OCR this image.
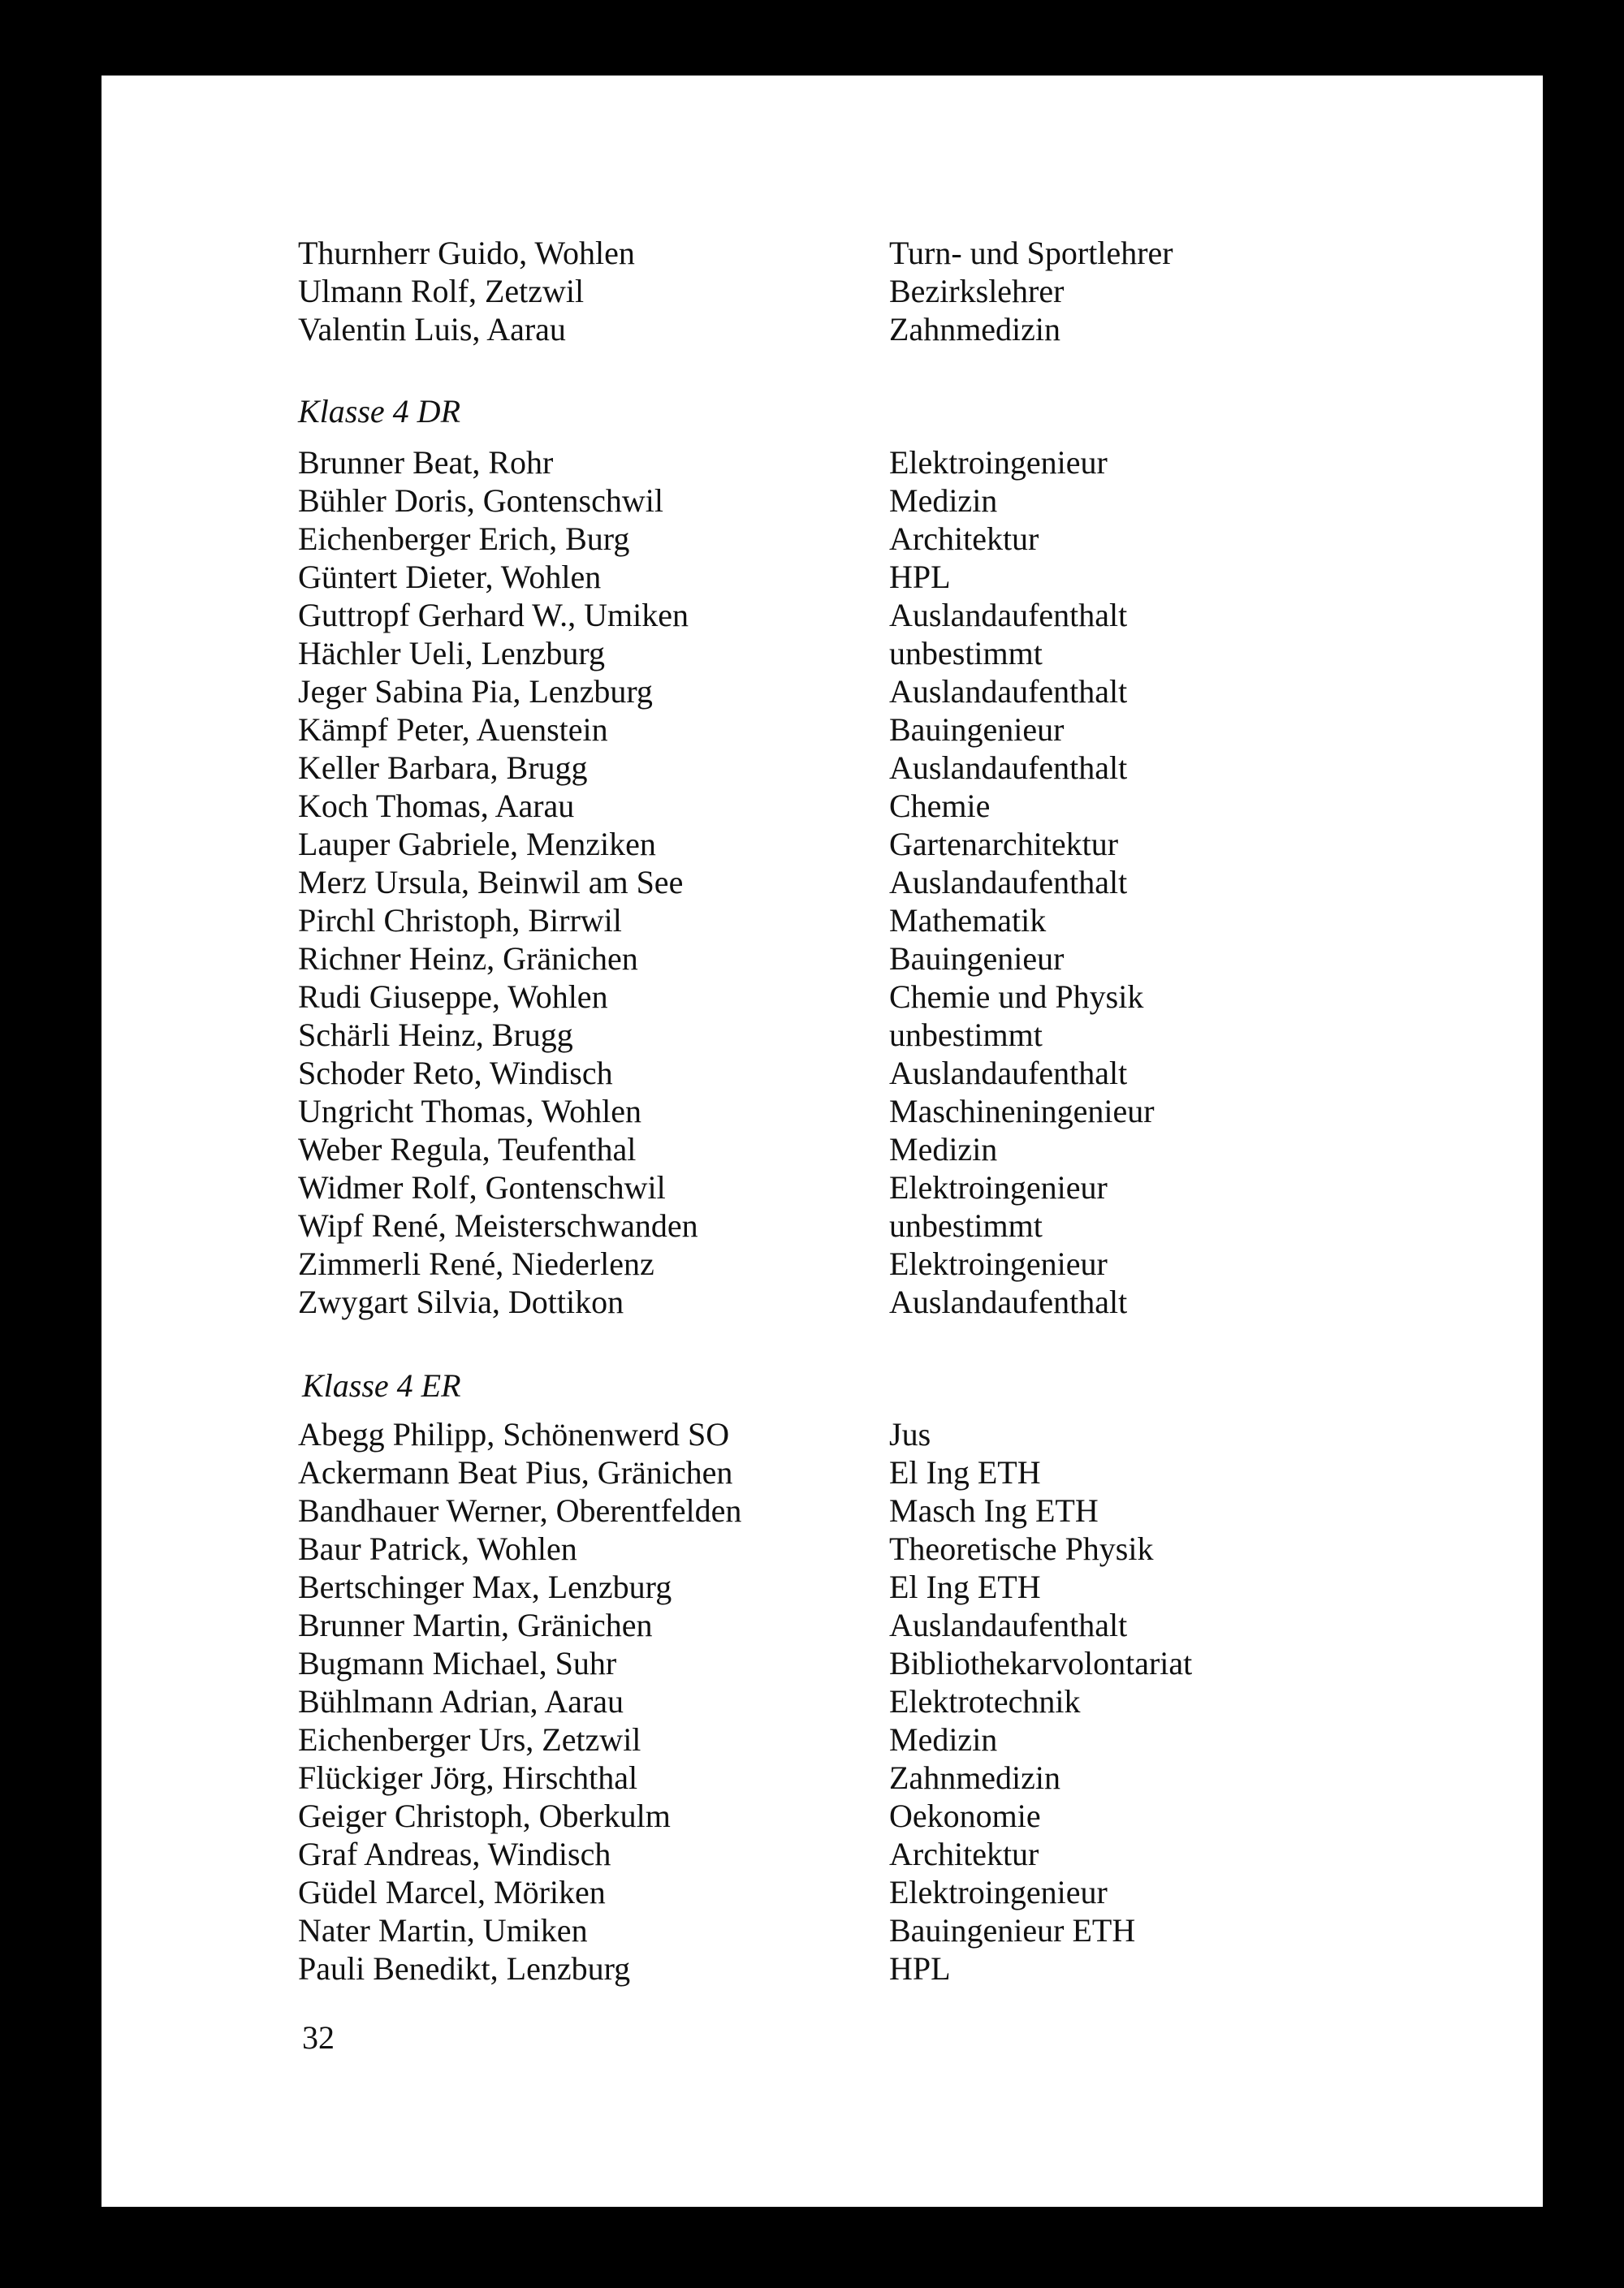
Thurnherr Guido, Wohlen	Turn- und Sportlehrer
Ulmann Rolf, Zetzwil	Bezirkslehrer
Valentin Luis, Aarau	Zahnmedizin
Klasse 4 DR
Brunner Beat, Rohr	Elektroingenieur
Bühler Doris, Gontenschwil	Medizin
Eichenberger Erich, Burg	Architektur
Güntert Dieter, Wohlen	HPL
Guttropf Gerhard W., Umiken	Auslandaufenthalt
Hächler Ueli, Lenzburg	unbestimmt
Jeger Sabina Pia, Lenzburg	Auslandaufenthalt
Kämpf Peter, Auenstein	Bauingenieur
Keller Barbara, Brugg	Auslandaufenthalt
Koch Thomas, Aarau	Chemie
Lauper Gabriele, Menziken	Gartenarchitektur
Merz Ursula, Beinwil am See	Auslandaufenthalt
Pirchl Christoph, Birrwil	Mathematik
Richner Heinz, Gränichen	Bauingenieur
Rudi Giuseppe, Wohlen	Chemie und Physik
Schärli Heinz, Brugg	unbestimmt
Schoder Reto, Windisch	Auslandaufenthalt
Ungricht Thomas, Wohlen	Maschineningenieur
Weber Regula, Teufenthal	Medizin
Widmer Rolf, Gontenschwil	Elektroingenieur
Wipf René, Meisterschwanden	unbestimmt
Zimmerli René, Niederlenz	Elektroingenieur
Zwygart Silvia, Dottikon	Auslandaufenthalt
Klasse 4 ER
Abegg Philipp, Schönenwerd SO	Jus
Ackermann Beat Pius, Gränichen	El Ing ETH
Bandhauer Werner, Oberentfelden	Masch Ing ETH
Baur Patrick, Wohlen	Theoretische Physik
Bertschinger Max, Lenzburg	El Ing ETH
Brunner Martin, Gränichen	Auslandaufenthalt
Bugmann Michael, Suhr	Bibliothekarvolontariat
Bühlmann Adrian, Aarau	Elektrotechnik
Eichenberger Urs, Zetzwil	Medizin
Flückiger Jörg, Hirschthal	Zahnmedizin
Geiger Christoph, Oberkulm	Oekonomie
Graf Andreas, Windisch	Architektur
Güdel Marcel, Möriken	Elektroingenieur
Nater Martin, Umiken	Bauingenieur ETH
Pauli Benedikt, Lenzburg	HPL
32
